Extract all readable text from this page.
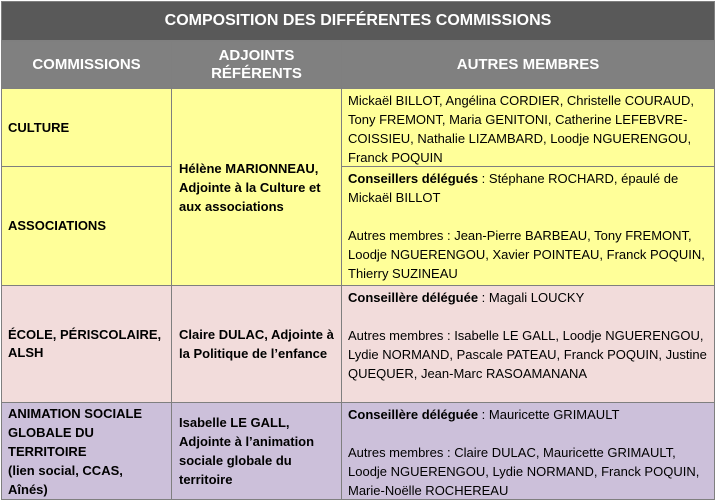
COMPOSITION DES DIFFÉRENTES COMMISSIONS
COMMISSIONS
ADJOINTS
RÉFÉRENTS
AUTRES MEMBRES
CULTURE
Mickaël BILLOT, Angélina CORDIER, Christelle COURAUD, Tony FREMONT, Maria GENITONI, Catherine LEFEBVRE-COISSIEU, Nathalie LIZAMBARD, Loodje NGUERENGOU, Franck POQUIN
Hélène MARIONNEAU, Adjointe à la Culture et aux associations
ASSOCIATIONS

Conseillers délégués : Stéphane ROCHARD, épaulé de Mickaël BILLOT

Autres membres : Jean-Pierre BARBEAU, Tony FREMONT, Loodje NGUERENGOU, Xavier POINTEAU, Franck POQUIN, Thierry SUZINEAU

ÉCOLE, PÉRISCOLAIRE, ALSH
Claire DULAC, Adjointe à la Politique de l’enfance

Conseillère déléguée : Magali LOUCKY

Autres membres : Isabelle LE GALL, Loodje NGUERENGOU, Lydie NORMAND, Pascale PATEAU, Franck POQUIN, Justine QUEQUER, Jean-Marc RASOAMANANA

ANIMATION SOCIALE GLOBALE DU TERRITOIRE
(lien social, CCAS, Aînés)
Isabelle LE GALL, Adjointe à l’animation sociale globale du territoire

Conseillère déléguée : Mauricette GRIMAULT

Autres membres : Claire DULAC, Mauricette GRIMAULT, Loodje NGUERENGOU, Lydie NORMAND, Franck POQUIN, Marie-Noëlle ROCHEREAU
